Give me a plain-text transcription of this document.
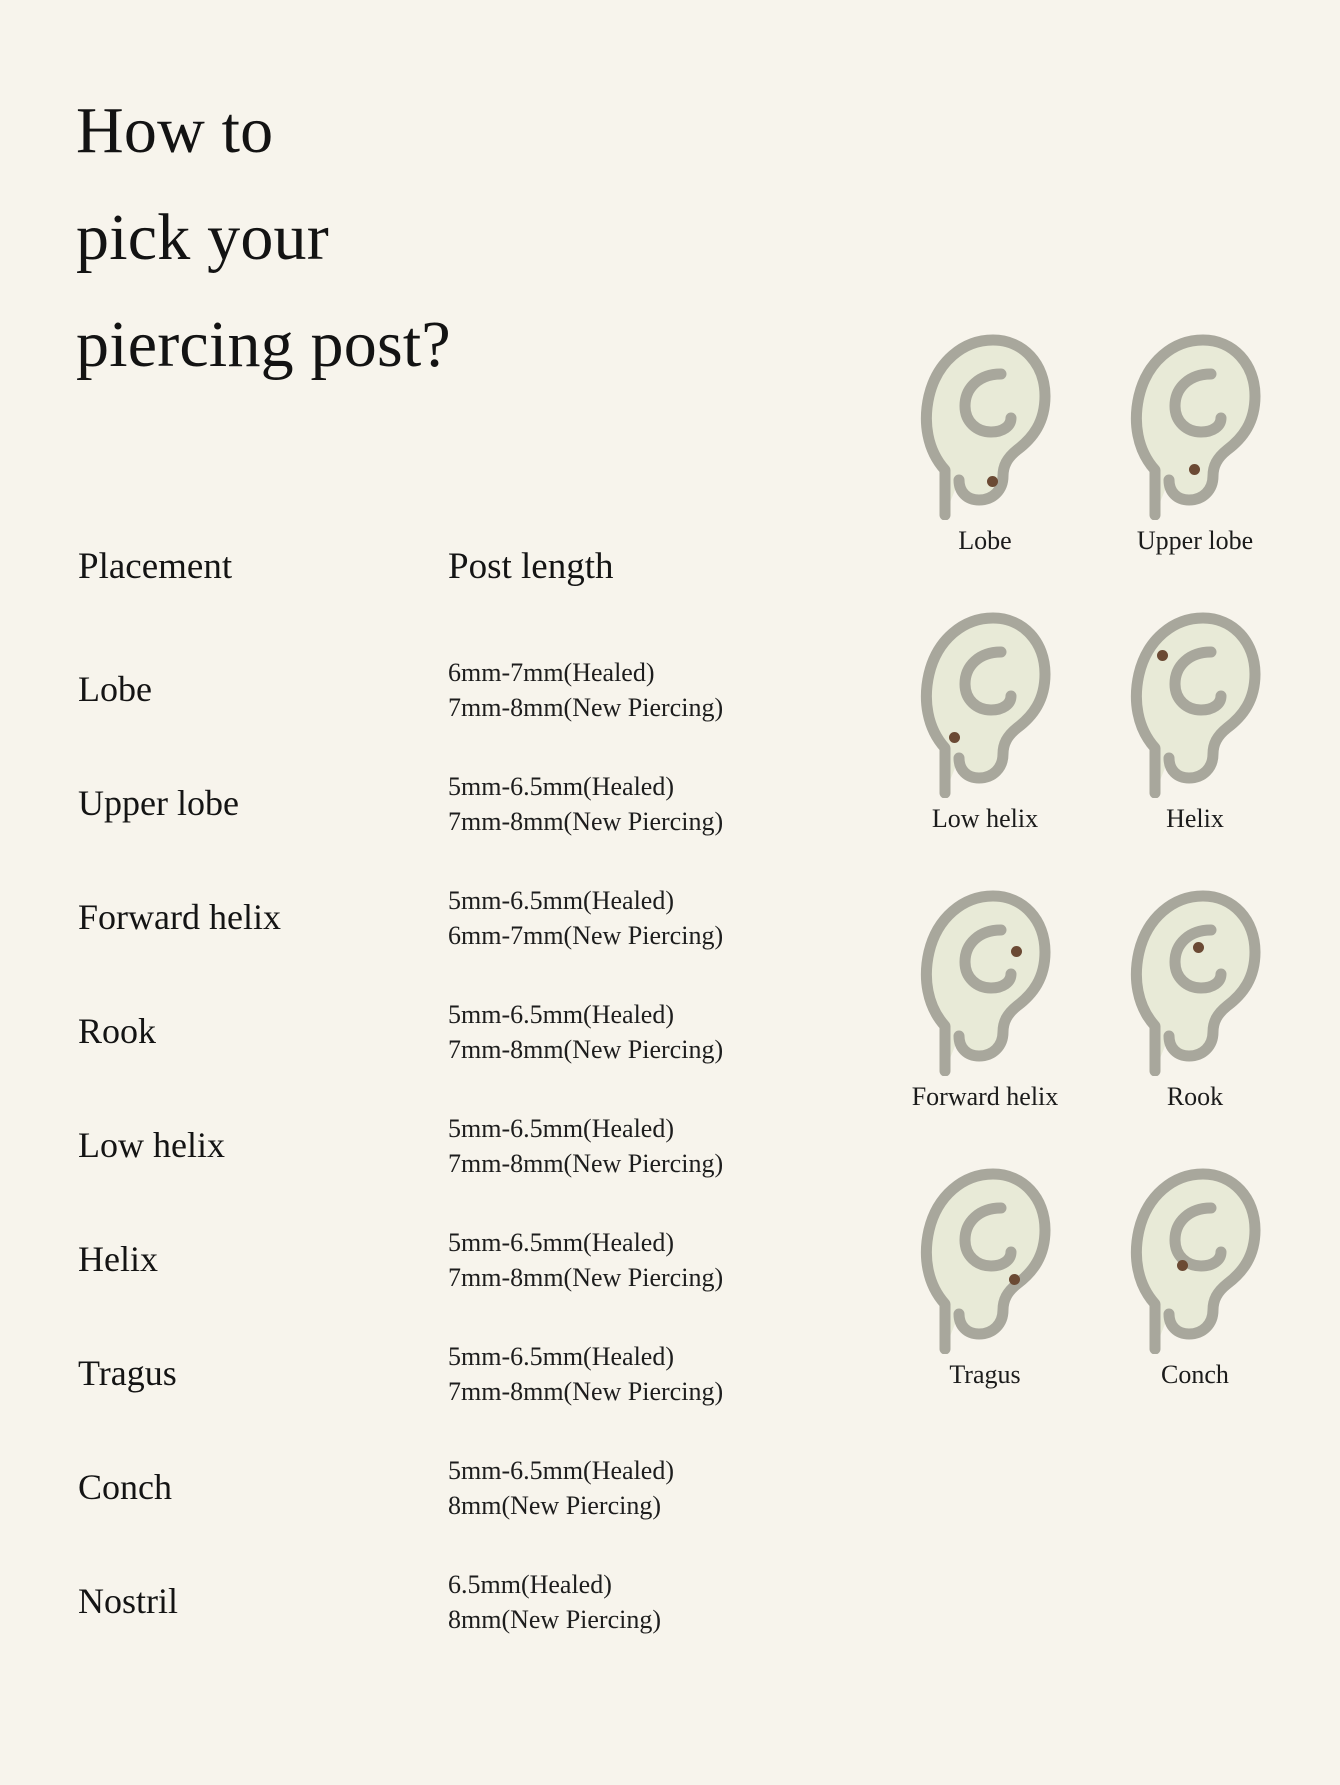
How to
pick your
piercing post?
Placement	Post length
Lobe	6mm-7mm(Healed)
7mm-8mm(New Piercing)
Upper lobe	5mm-6.5mm(Healed)
7mm-8mm(New Piercing)
Forward helix	5mm-6.5mm(Healed)
6mm-7mm(New Piercing)
Rook	5mm-6.5mm(Healed)
7mm-8mm(New Piercing)
Low helix	5mm-6.5mm(Healed)
7mm-8mm(New Piercing)
Helix	5mm-6.5mm(Healed)
7mm-8mm(New Piercing)
Tragus	5mm-6.5mm(Healed)
7mm-8mm(New Piercing)
Conch	5mm-6.5mm(Healed)
8mm(New Piercing)
Nostril	6.5mm(Healed)
8mm(New Piercing)
Lobe	Upper lobe
Low helix	Helix
Forward helix	Rook
Tragus	Conch
